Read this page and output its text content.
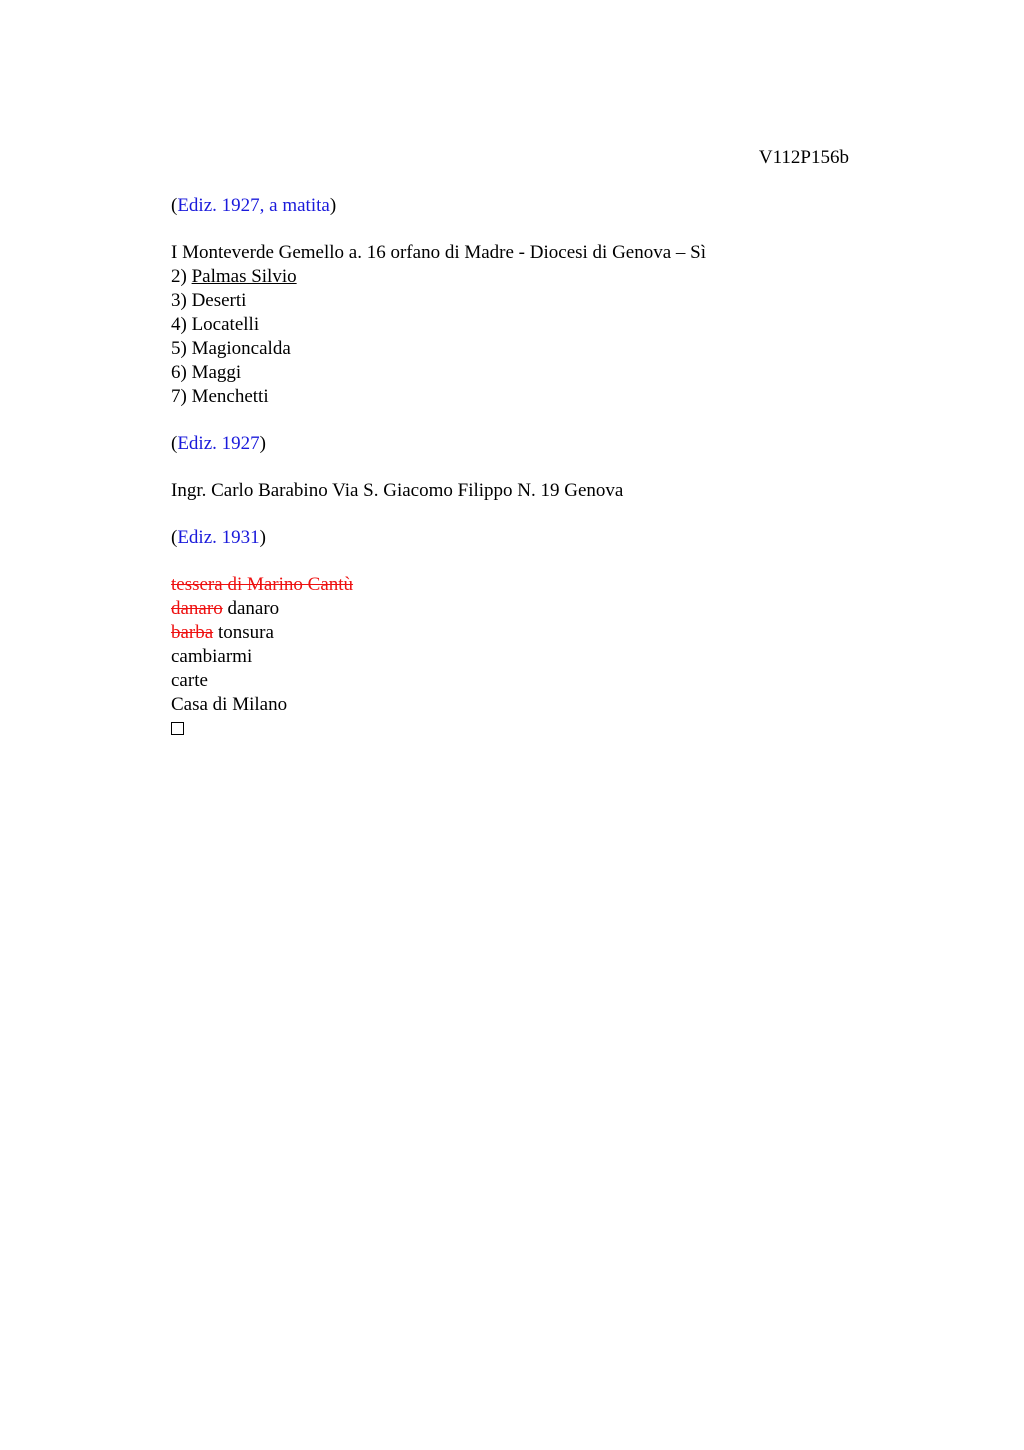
V112P156b
(Ediz. 1927, a matita)
I Monteverde Gemello a. 16 orfano di Madre - Diocesi di Genova – Sì
2) Palmas Silvio
3) Deserti
4) Locatelli
5) Magioncalda
6) Maggi
7) Menchetti
(Ediz. 1927)
Ingr. Carlo Barabino Via S. Giacomo Filippo N. 19 Genova
(Ediz. 1931)
tessera di Marino Cantù
danaro danaro
barba tonsura
cambiarmi
carte
Casa di Milano
